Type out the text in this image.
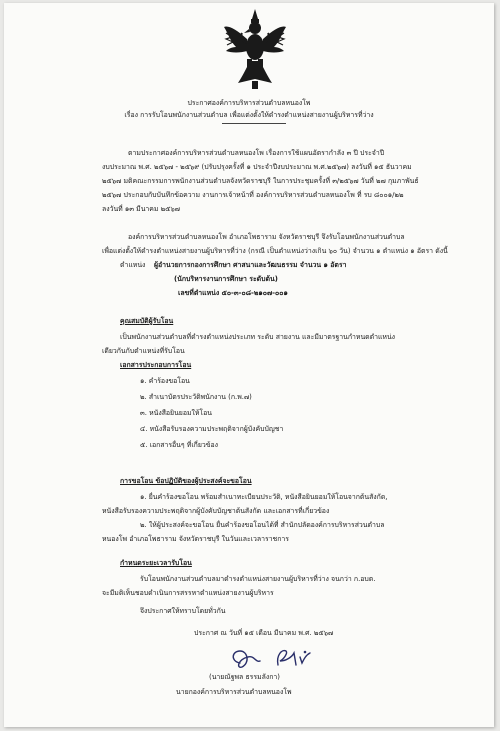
ประกาศองค์การบริหารส่วนตำบลหนองโพ
เรื่อง การรับโอนพนักงานส่วนตำบล เพื่อแต่งตั้งให้ดำรงตำแหน่งสายงานผู้บริหารที่ว่าง
ตามประกาศองค์การบริหารส่วนตำบลหนองโพ เรื่องการใช้แผนอัตรากำลัง ๓ ปี ประจำปี
งบประมาณ พ.ศ. ๒๕๖๗ - ๒๕๖๙ (ปรับปรุงครั้งที่ ๑ ประจำปีงบประมาณ พ.ศ.๒๕๖๗) ลงวันที่ ๑๕ ธันวาคม
๒๕๖๗ มติคณะกรรมการพนักงานส่วนตำบลจังหวัดราชบุรี ในการประชุมครั้งที่ ๓/๒๕๖๗ วันที่ ๒๗ กุมภาพันธ์
๒๕๖๗ ประกอบกับบันทึกข้อความ งานการเจ้าหน้าที่ องค์การบริหารส่วนตำบลหนองโพ ที่ รบ ๘๐๐๑/๒๒
ลงวันที่ ๑๓ มีนาคม ๒๕๖๗
องค์การบริหารส่วนตำบลหนองโพ อำเภอโพธาราม จังหวัดราชบุรี จึงรับโอนพนักงานส่วนตำบล
เพื่อแต่งตั้งให้ดำรงตำแหน่งสายงานผู้บริหารที่ว่าง (กรณี เป็นตำแหน่งว่างเกิน ๖๐ วัน) จำนวน ๑ ตำแหน่ง ๑ อัตรา ดังนี้
ตำแหน่ง ผู้อำนวยการกองการศึกษา ศาสนาและวัฒนธรรม จำนวน ๑ อัตรา
(นักบริหารงานการศึกษา ระดับต้น)
เลขที่ตำแหน่ง ๕๐-๓-๐๘-๒๑๐๗-๐๐๑
คุณสมบัติผู้รับโอน
เป็นพนักงานส่วนตำบลที่ดำรงตำแหน่งประเภท ระดับ สายงาน และมีมาตรฐานกำหนดตำแหน่ง
เดียวกันกับตำแหน่งที่รับโอน
เอกสารประกอบการโอน
๑. คำร้องขอโอน
๒. สำเนาบัตรประวัติพนักงาน (ก.พ.๗)
๓. หนังสือยินยอมให้โอน
๔. หนังสือรับรองความประพฤติจากผู้บังคับบัญชา
๕. เอกสารอื่นๆ ที่เกี่ยวข้อง
การขอโอน ข้อปฏิบัติของผู้ประสงค์จะขอโอน
๑. ยื่นคำร้องขอโอน พร้อมสำเนาทะเบียนประวัติ, หนังสือยินยอมให้โอนจากต้นสังกัด,
หนังสือรับรองความประพฤติจากผู้บังคับบัญชาต้นสังกัด และเอกสารที่เกี่ยวข้อง
๒. ให้ผู้ประสงค์จะขอโอน ยื่นคำร้องขอโอนได้ที่ สำนักปลัดองค์การบริหารส่วนตำบล
หนองโพ อำเภอโพธาราม จังหวัดราชบุรี ในวันและเวลาราชการ
กำหนดระยะเวลารับโอน
รับโอนพนักงานส่วนตำบลมาดำรงตำแหน่งสายงานผู้บริหารที่ว่าง จนกว่า ก.อบต.
จะมีมติเห็นชอบดำเนินการสรรหาตำแหน่งสายงานผู้บริหาร
จึงประกาศให้ทราบโดยทั่วกัน
ประกาศ ณ วันที่ ๑๕ เดือน มีนาคม พ.ศ. ๒๕๖๗
(นายณัฐพล ธรรมลังกา)
นายกองค์การบริหารส่วนตำบลหนองโพ
